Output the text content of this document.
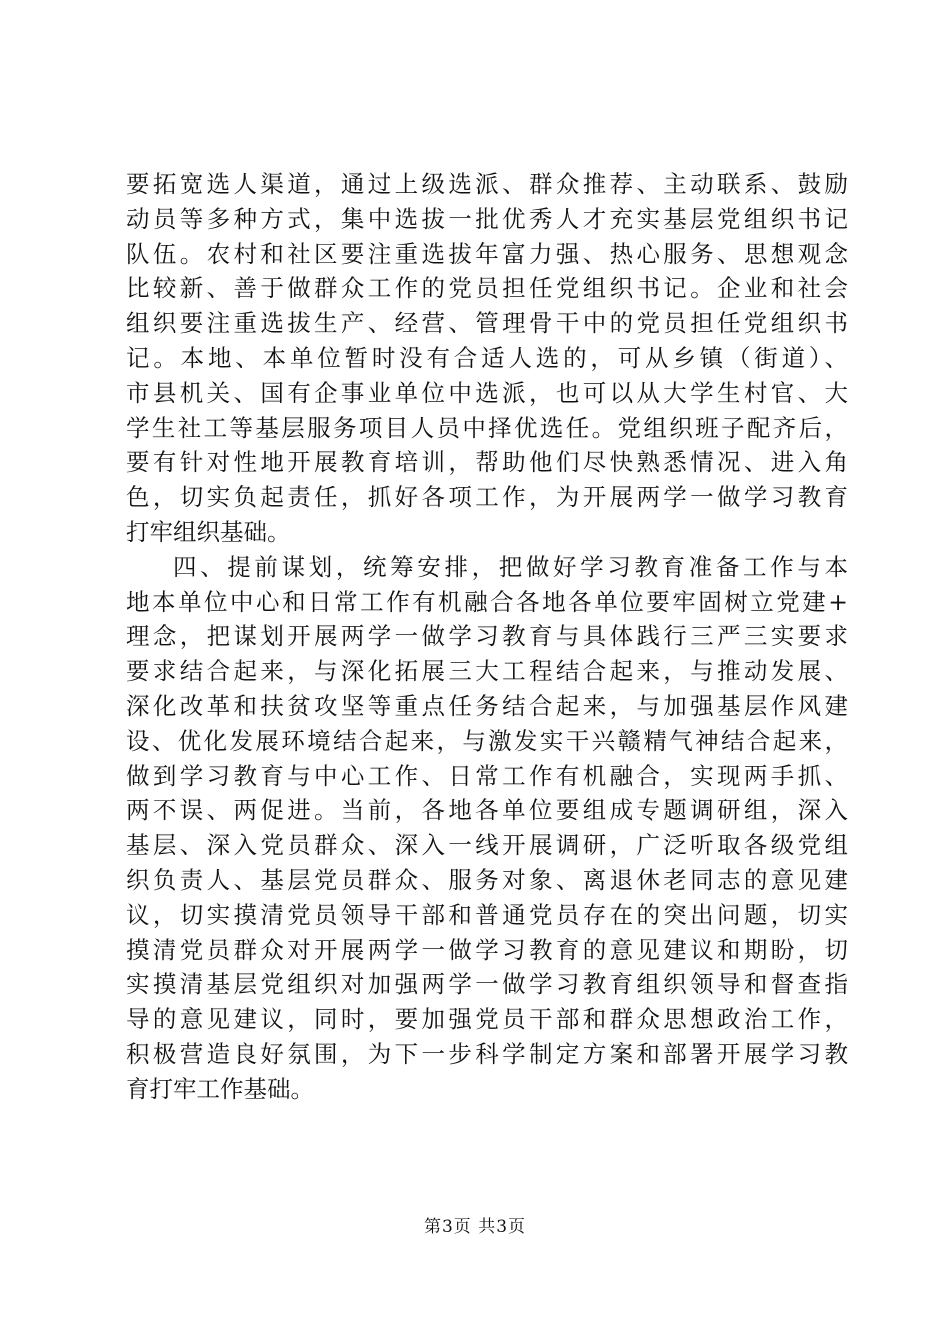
要拓宽选人渠道，通过上级选派、群众推荐、主动联系、鼓励
动员等多种方式，集中选拔一批优秀人才充实基层党组织书记
队伍。农村和社区要注重选拔年富力强、热心服务、思想观念
比较新、善于做群众工作的党员担任党组织书记。企业和社会
组织要注重选拔生产、经营、管理骨干中的党员担任党组织书
记。本地、本单位暂时没有合适人选的，可从乡镇（街道）、
市县机关、国有企事业单位中选派，也可以从大学生村官、大
学生社工等基层服务项目人员中择优选任。党组织班子配齐后，
要有针对性地开展教育培训，帮助他们尽快熟悉情况、进入角
色，切实负起责任，抓好各项工作，为开展两学一做学习教育
打牢组织基础。
四、提前谋划，统筹安排，把做好学习教育准备工作与本
地本单位中心和日常工作有机融合各地各单位要牢固树立党建+
理念，把谋划开展两学一做学习教育与具体践行三严三实要求
要求结合起来，与深化拓展三大工程结合起来，与推动发展、
深化改革和扶贫攻坚等重点任务结合起来，与加强基层作风建
设、优化发展环境结合起来，与激发实干兴赣精气神结合起来，
做到学习教育与中心工作、日常工作有机融合，实现两手抓、
两不误、两促进。当前，各地各单位要组成专题调研组，深入
基层、深入党员群众、深入一线开展调研，广泛听取各级党组
织负责人、基层党员群众、服务对象、离退休老同志的意见建
议，切实摸清党员领导干部和普通党员存在的突出问题，切实
摸清党员群众对开展两学一做学习教育的意见建议和期盼，切
实摸清基层党组织对加强两学一做学习教育组织领导和督查指
导的意见建议，同时，要加强党员干部和群众思想政治工作，
积极营造良好氛围，为下一步科学制定方案和部署开展学习教
育打牢工作基础。
第3页 共3页
